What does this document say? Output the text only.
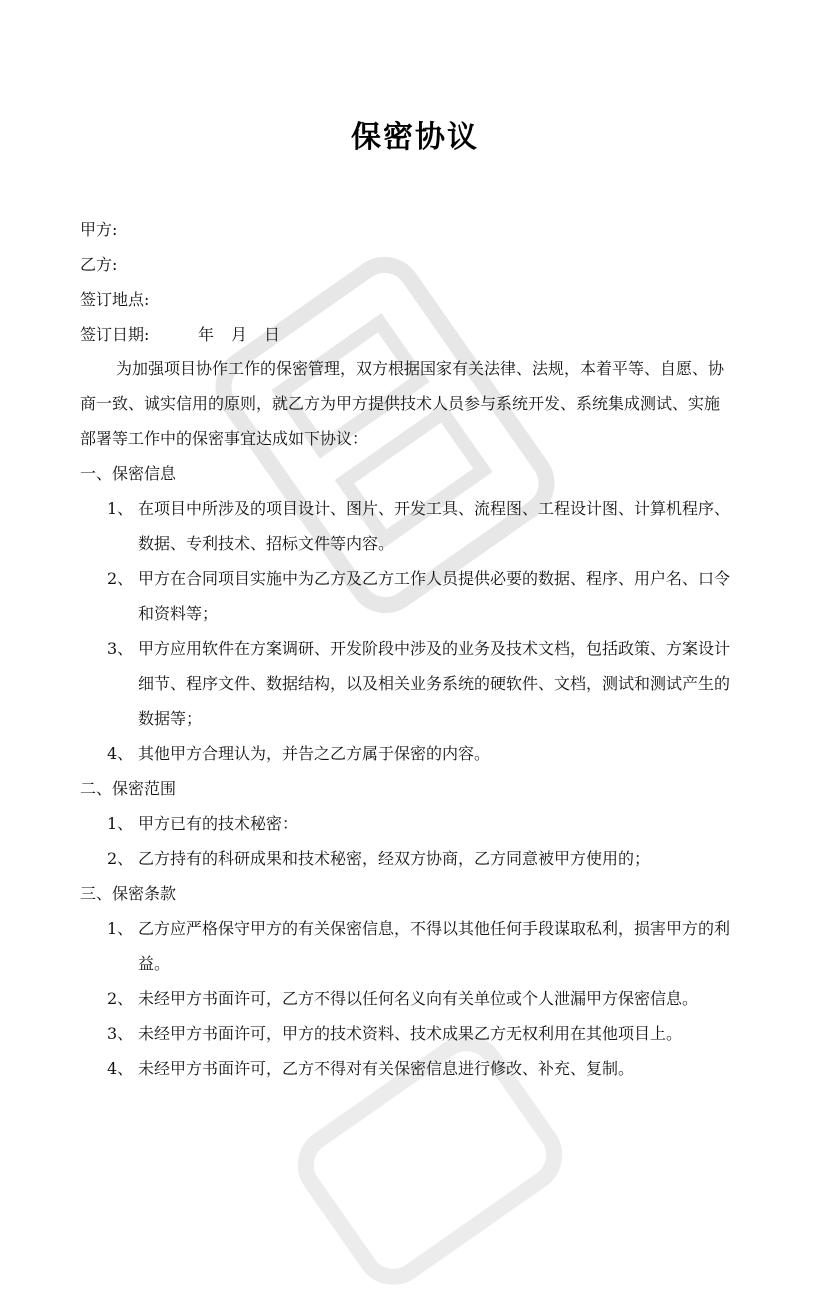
保密协议
甲方:
乙方:
签订地点:
签订日期:	年 月 日
为加强项目协作工作的保密管理，双方根据国家有关法律、法规，本着平等、自愿、协
商一致、诚实信用的原则，就乙方为甲方提供技术人员参与系统开发、系统集成测试、实施
部署等工作中的保密事宜达成如下协议：
一、保密信息
1、 在项目中所涉及的项目设计、图片、开发工具、流程图、工程设计图、计算机程序、
数据、专利技术、招标文件等内容。
2、 甲方在合同项目实施中为乙方及乙方工作人员提供必要的数据、程序、用户名、口令
和资料等；
3、 甲方应用软件在方案调研、开发阶段中涉及的业务及技术文档，包括政策、方案设计
细节、程序文件、数据结构，以及相关业务系统的硬软件、文档，测试和测试产生的
数据等；
4、 其他甲方合理认为，并告之乙方属于保密的内容。
二、保密范围
1、 甲方已有的技术秘密：
2、 乙方持有的科研成果和技术秘密，经双方协商，乙方同意被甲方使用的；
三、保密条款
1、 乙方应严格保守甲方的有关保密信息，不得以其他任何手段谋取私利，损害甲方的利
益。
2、 未经甲方书面许可，乙方不得以任何名义向有关单位或个人泄漏甲方保密信息。
3、 未经甲方书面许可，甲方的技术资料、技术成果乙方无权利用在其他项目上。
4、 未经甲方书面许可，乙方不得对有关保密信息进行修改、补充、复制。
